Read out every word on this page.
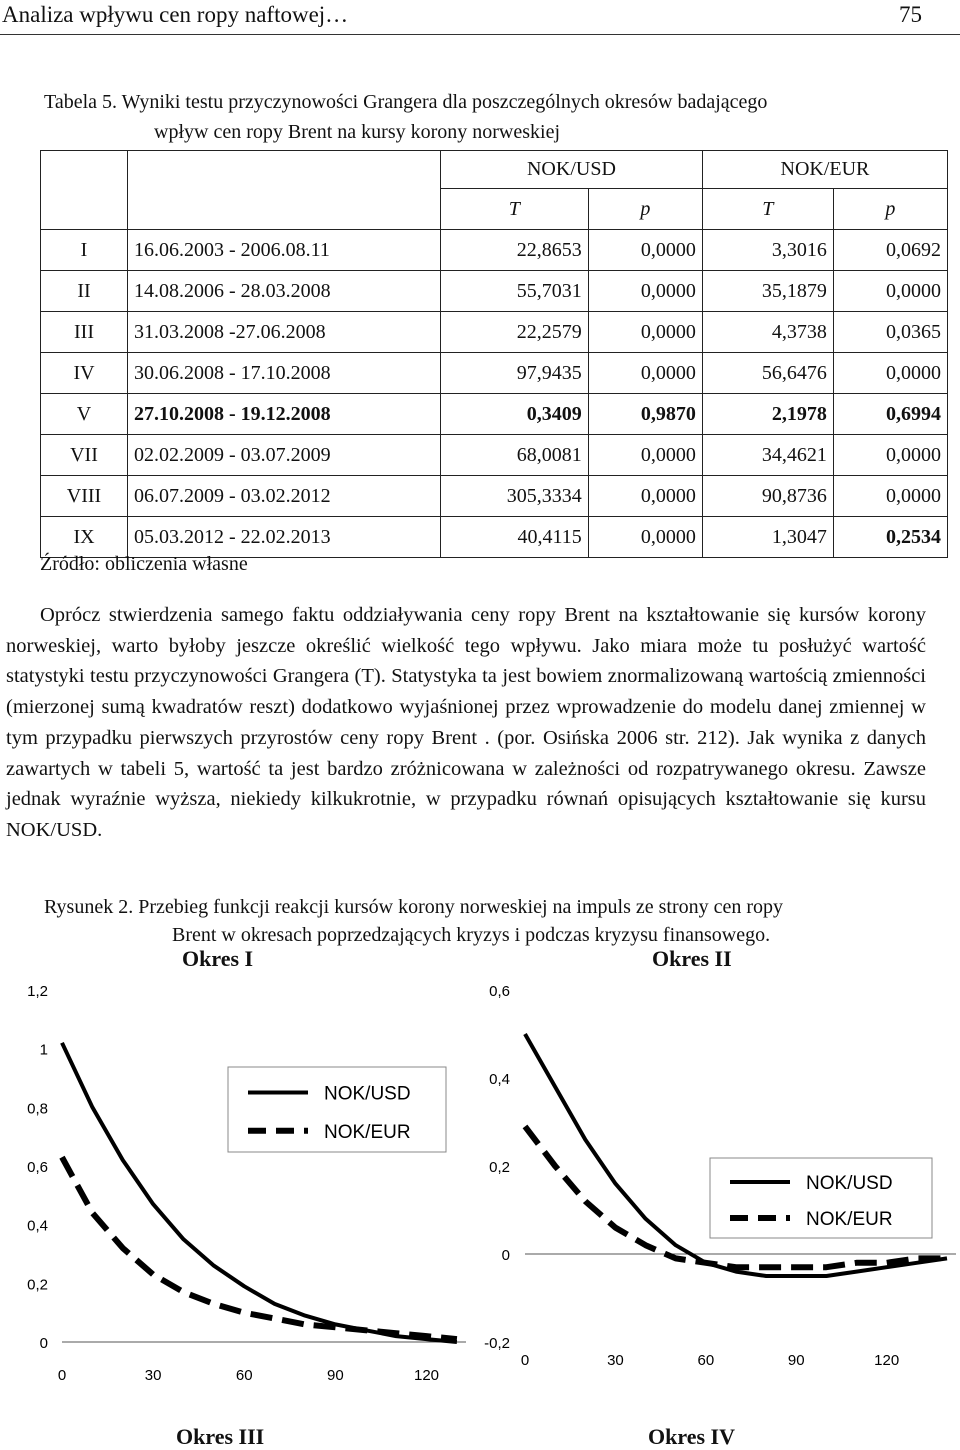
Analiza wpływu cen ropy naftowej…	75
Tabela 5. Wyniki testu przyczynowości Grangera dla poszczególnych okresów badającego
wpływ cen ropy Brent na kursy korony norweskiej
		NOK/USD		NOK/EUR	
		T	p	T	p
I	16.06.2003 - 2006.08.11	22,8653	0,0000	3,3016	0,0692
II	14.08.2006 - 28.03.2008	55,7031	0,0000	35,1879	0,0000
III	31.03.2008 -27.06.2008	22,2579	0,0000	4,3738	0,0365
IV	30.06.2008 - 17.10.2008	97,9435	0,0000	56,6476	0,0000
V	27.10.2008 - 19.12.2008	0,3409	0,9870	2,1978	0,6994
VII	02.02.2009 - 03.07.2009	68,0081	0,0000	34,4621	0,0000
VIII	06.07.2009 - 03.02.2012	305,3334	0,0000	90,8736	0,0000
IX	05.03.2012 - 22.02.2013	40,4115	0,0000	1,3047	0,2534
Źródło: obliczenia własne
Oprócz stwierdzenia samego faktu oddziaływania ceny ropy Brent na kształtowanie się kursów korony norweskiej, warto byłoby jeszcze określić wielkość tego wpływu. Jako miara może tu posłużyć wartość statystyki testu przyczynowości Grangera (T). Statystyka ta jest bowiem znormalizowaną wartością zmienności (mierzonej sumą kwadratów reszt) dodatkowo wyjaśnionej przez wprowadzenie do modelu danej zmiennej w tym przypadku pierwszych przyrostów ceny ropy Brent . (por. Osińska 2006 str. 212). Jak wynika z danych zawartych w tabeli 5, wartość ta jest bardzo zróżnicowana w zależności od rozpatrywanego okresu. Zawsze jednak wyraźnie wyższa, niekiedy kilkukrotnie, w przypadku równań opisujących kształtowanie się kursu NOK/USD.
Rysunek 2. Przebieg funkcji reakcji kursów korony norweskiej na impuls ze strony cen ropy
Brent w okresach poprzedzających kryzys i podczas kryzysu finansowego.
Okres I	Okres II
0
0,2
0,4
0,6
0,8
1
1,2
0	30	60	90	120
NOK/USD
NOK/EUR
-0,2
0
0,2
0,4
0,6
0	30	60	90	120
NOK/USD
NOK/EUR
Okres III	Okres IV
